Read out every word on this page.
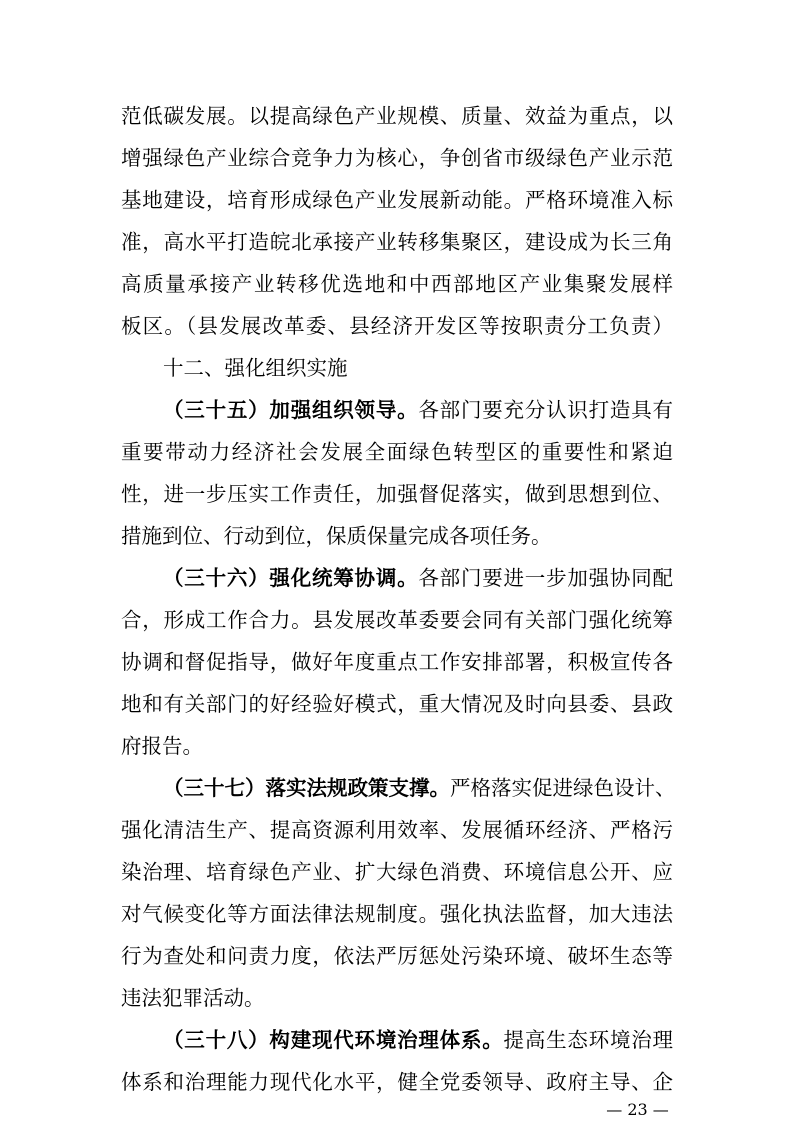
范低碳发展。以提高绿色产业规模、质量、效益为重点，以
增强绿色产业综合竞争力为核心，争创省市级绿色产业示范
基地建设，培育形成绿色产业发展新动能。严格环境准入标
准，高水平打造皖北承接产业转移集聚区，建设成为长三角
高质量承接产业转移优选地和中西部地区产业集聚发展样
板区。（县发展改革委、县经济开发区等按职责分工负责）
十二、强化组织实施
（三十五）加强组织领导。各部门要充分认识打造具有
重要带动力经济社会发展全面绿色转型区的重要性和紧迫
性，进一步压实工作责任，加强督促落实，做到思想到位、
措施到位、行动到位，保质保量完成各项任务。
（三十六）强化统筹协调。各部门要进一步加强协同配
合，形成工作合力。县发展改革委要会同有关部门强化统筹
协调和督促指导，做好年度重点工作安排部署，积极宣传各
地和有关部门的好经验好模式，重大情况及时向县委、县政
府报告。
（三十七）落实法规政策支撑。严格落实促进绿色设计、
强化清洁生产、提高资源利用效率、发展循环经济、严格污
染治理、培育绿色产业、扩大绿色消费、环境信息公开、应
对气候变化等方面法律法规制度。强化执法监督，加大违法
行为查处和问责力度，依法严厉惩处污染环境、破坏生态等
违法犯罪活动。
（三十八）构建现代环境治理体系。提高生态环境治理
体系和治理能力现代化水平，健全党委领导、政府主导、企
— 23 —
